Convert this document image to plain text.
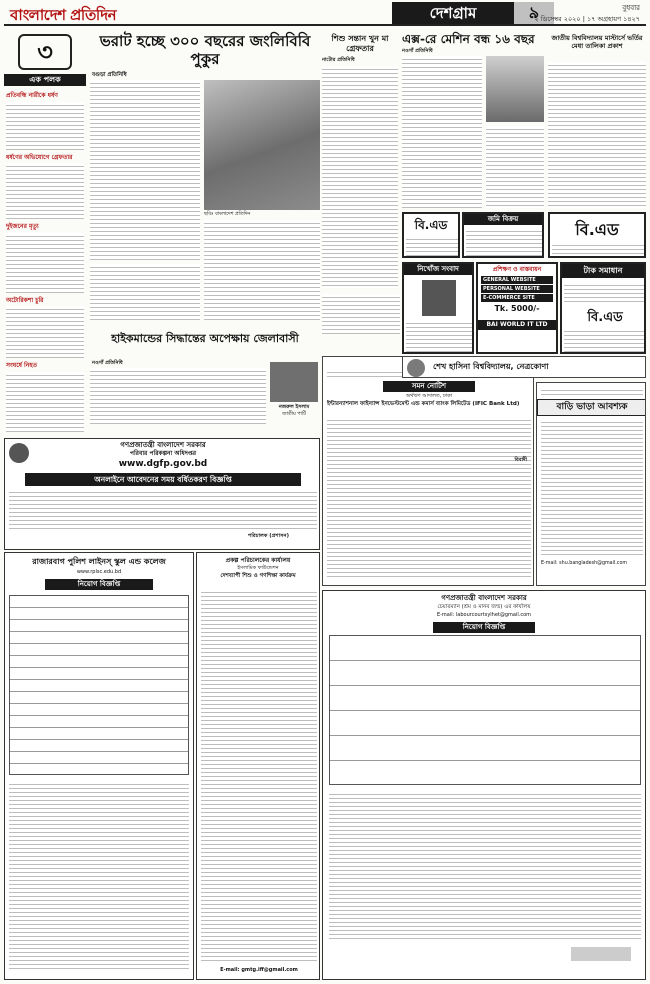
বাংলাদেশ প্রতিদিন	দেশগ্রাম	৯	বুধবার
২ ডিসেম্বর ২০২০ | ১৭ অগ্রহায়ণ ১৪২৭
৩
এক পলক
প্রতিবন্ধি নারীকে ধর্ষণ
ধর্ষণের অভিযোগে গ্রেফতার
দুইজনের মৃত্যু
অটোরিকশা চুরি
সংঘর্ষে নিহত
ভরাট হচ্ছে ৩০০ বছরের জংলিবিবি পুকুর
বগুড়া প্রতিনিধি
ছবিঃ বাংলাদেশ প্রতিদিন
শিশু সন্তান খুন মা গ্রেফতার
নাটোর প্রতিনিধি
এক্স-রে মেশিন বন্ধ ১৬ বছর
নওগাঁ প্রতিনিধি
জাতীয় বিশ্ববিদ্যালয় মাস্টার্সে ভর্তির মেধা তালিকা প্রকাশ
বি.এড	জমি বিক্রয়
বি.এড
নিখোঁজ সংবাদ	প্রশিক্ষণ ও বাস্তবায়ন
GENERAL WEBSITE
PERSONAL WEBSITE
E-COMMERCE SITE
Tk. 5000/-
BAI WORLD IT LTD
টাক সমাধান
বি.এড
হাইকমান্ডের সিদ্ধান্তের অপেক্ষায় জেলাবাসী
নওগাঁ প্রতিনিধি
নজরুল ইসলাম
জাতীয় পার্টি
সমন নোটিশ
অর্থঋণ আদালত, ঢাকা
ইন্টারন্যাশনাল ফাইন্যান্স ইনভেস্টমেন্ট এন্ড কমার্স ব্যাংক লিমিটেড (IFIC Bank Ltd)
বিবাদী
শেখ হাসিনা বিশ্ববিদ্যালয়, নেত্রকোণা
বাড়ি ভাড়া আবশ্যক
E-mail: shu.bangladesh@gmail.com
গণপ্রজাতন্ত্রী বাংলাদেশ সরকার
পরিবার পরিকল্পনা অধিদপ্তর
www.dgfp.gov.bd
অনলাইনে আবেদনের সময় বর্ধিতকরণ বিজ্ঞপ্তি
পরিচালক (প্রশাসন)
রাজারবাগ পুলিশ লাইনস্‌ স্কুল এন্ড কলেজ
www.rplsc.edu.bd
নিয়োগ বিজ্ঞপ্তি
প্রকল্প পরিচালকের কার্যালয়
ইসলামিক ফাউন্ডেশন
দেশব্যাপী শিশু ও গণশিক্ষা কার্যক্রম
E-mail: gmtg.iff@gmail.com
গণপ্রজাতন্ত্রী বাংলাদেশ সরকার
চেয়ারম্যান (শ্রম ও মানব জন্ম) এর কার্যালয়
E-mail: labourcourtsylhet@gmail.com
নিয়োগ বিজ্ঞপ্তি
